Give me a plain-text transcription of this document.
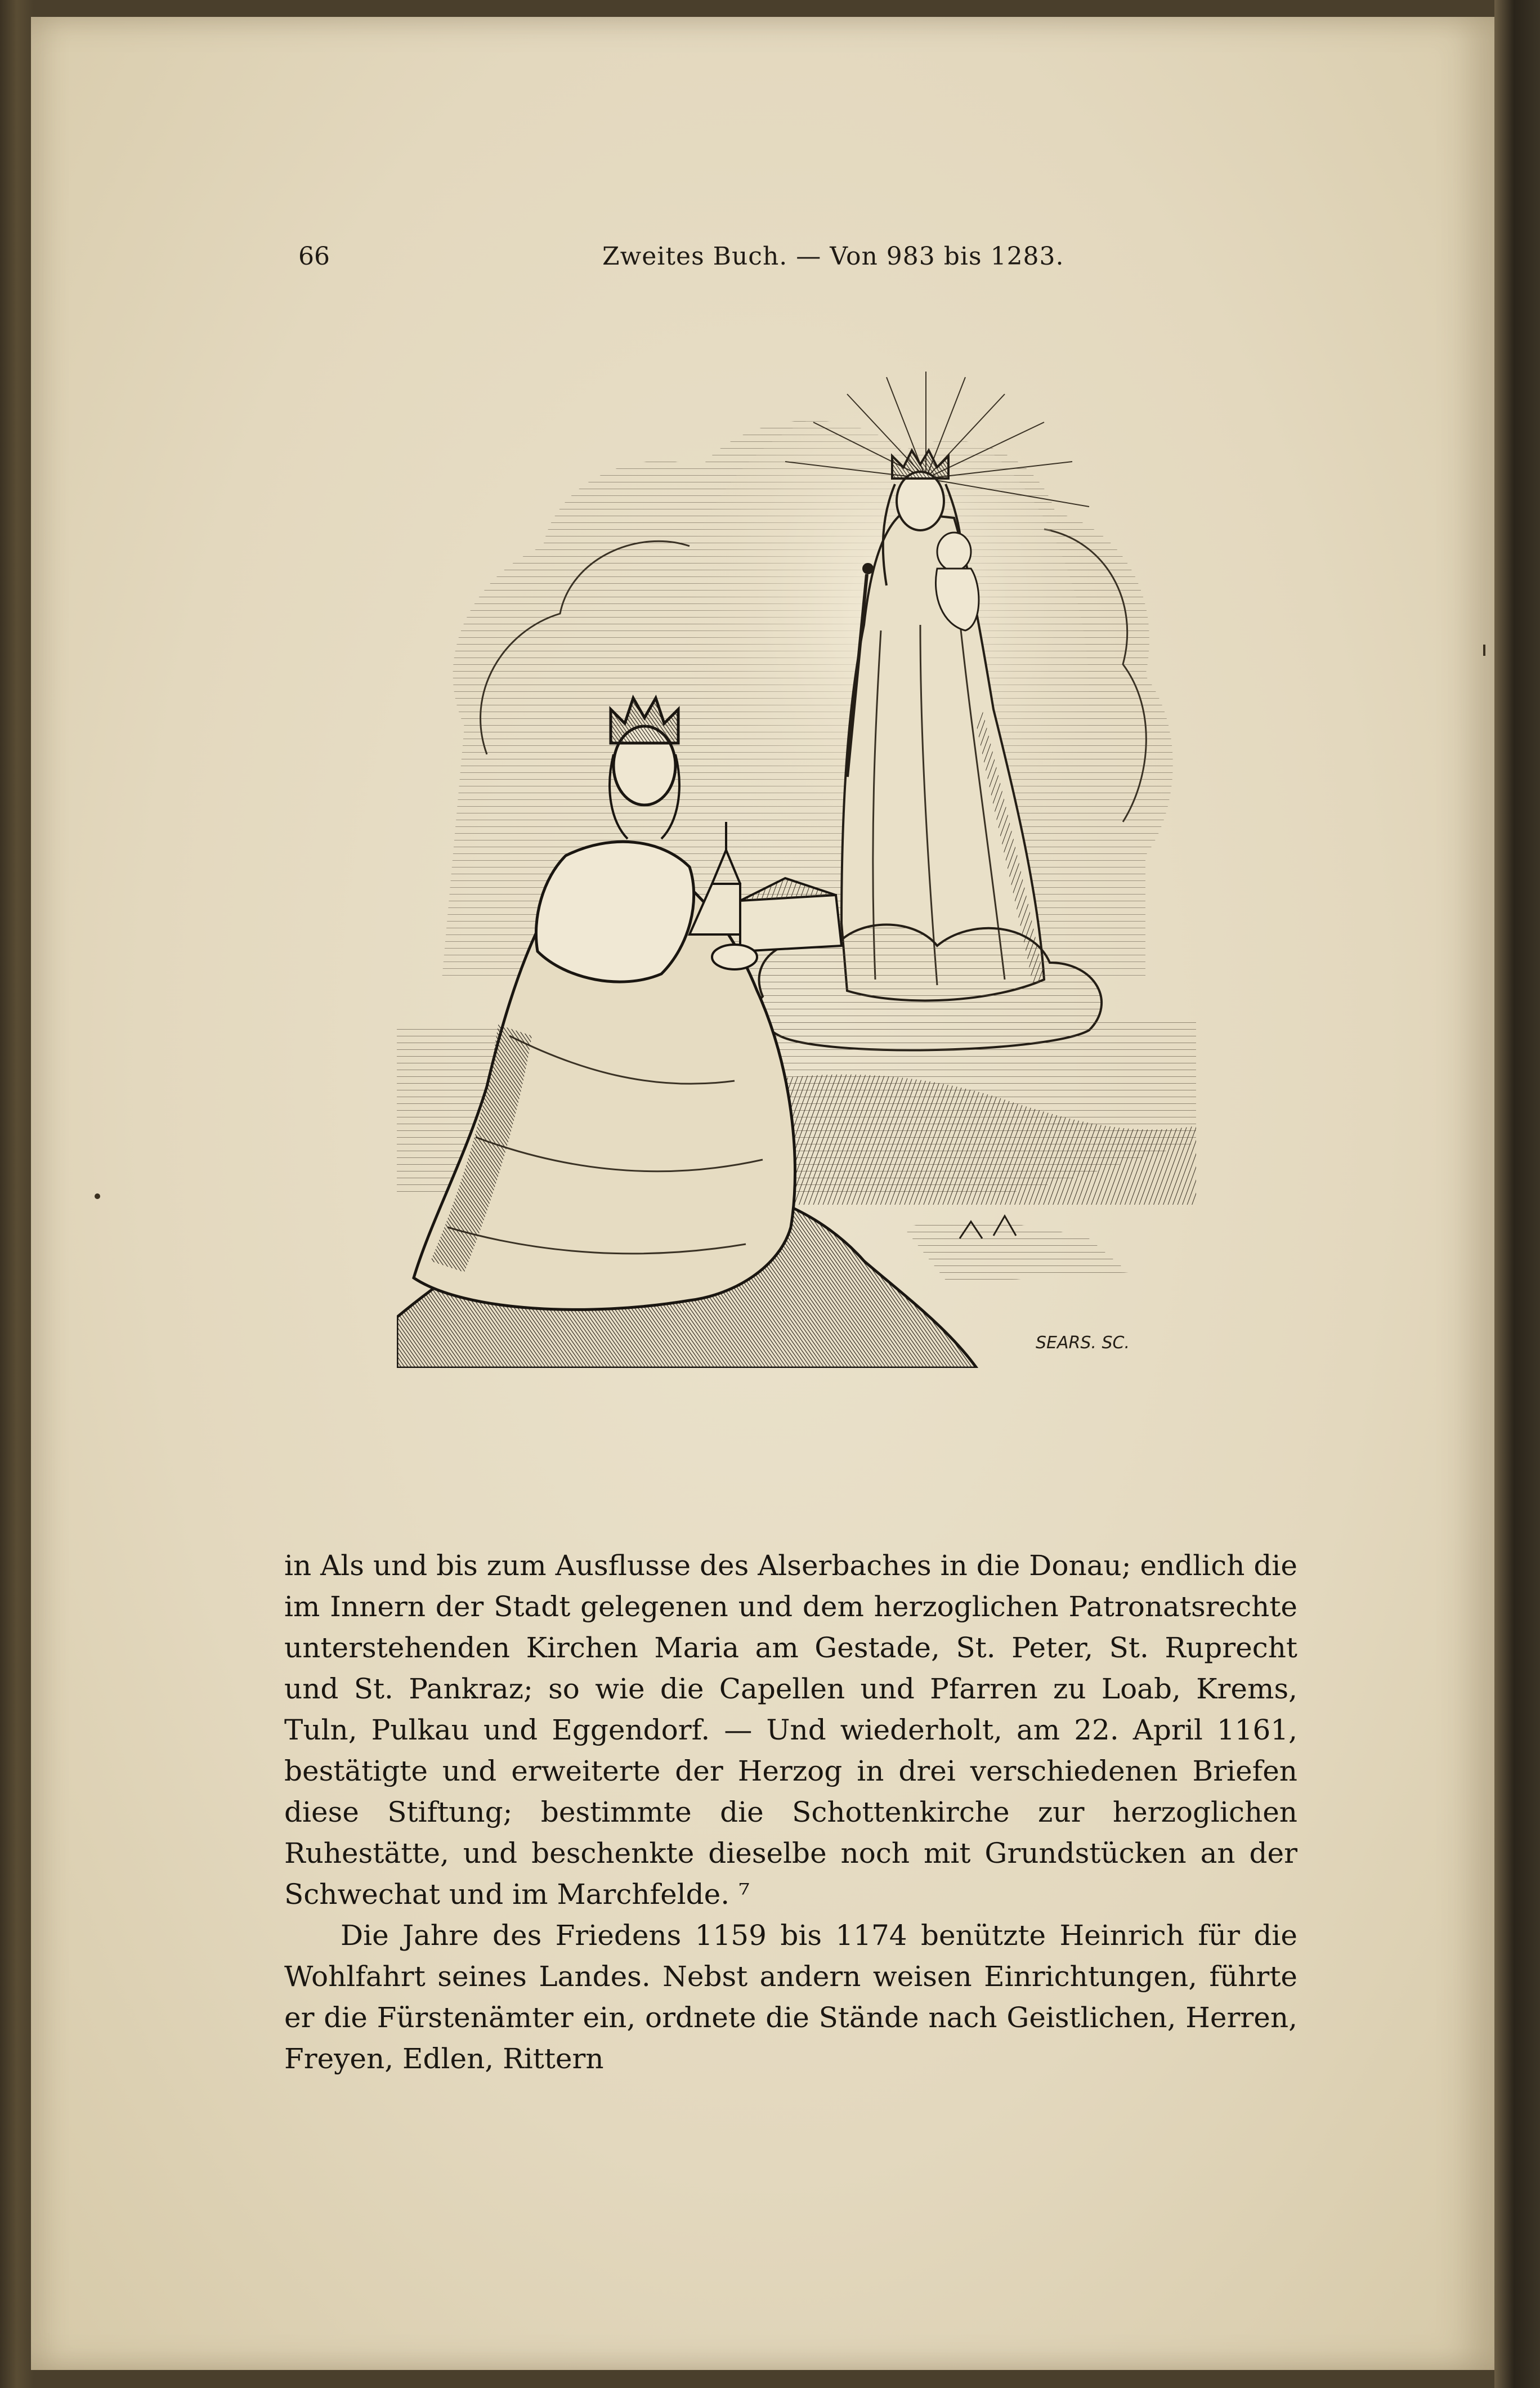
66	Zweites Buch. — Von 983 bis 1283.
SEARS. SC.

in Als und bis zum Ausflusse des Alserbaches in die Donau; endlich die im Innern der Stadt gelegenen und dem herzoglichen Patronatsrechte unterstehenden Kirchen Maria am Gestade, St. Peter, St. Ruprecht und St. Pankraz; so wie die Capellen und Pfarren zu Loab, Krems, Tuln, Pulkau und Eggendorf. — Und wiederholt, am 22. April 1161, bestätigte und erweiterte der Herzog in drei verschiedenen Briefen diese Stiftung; bestimmte die Schottenkirche zur herzoglichen Ruhestätte, und beschenkte dieselbe noch mit Grundstücken an der Schwechat und im Marchfelde. ⁷

Die Jahre des Friedens 1159 bis 1174 benützte Heinrich für die Wohlfahrt seines Landes. Nebst andern weisen Einrichtungen, führte er die Fürstenämter ein, ordnete die Stände nach Geistlichen, Herren, Freyen, Edlen, Rittern
